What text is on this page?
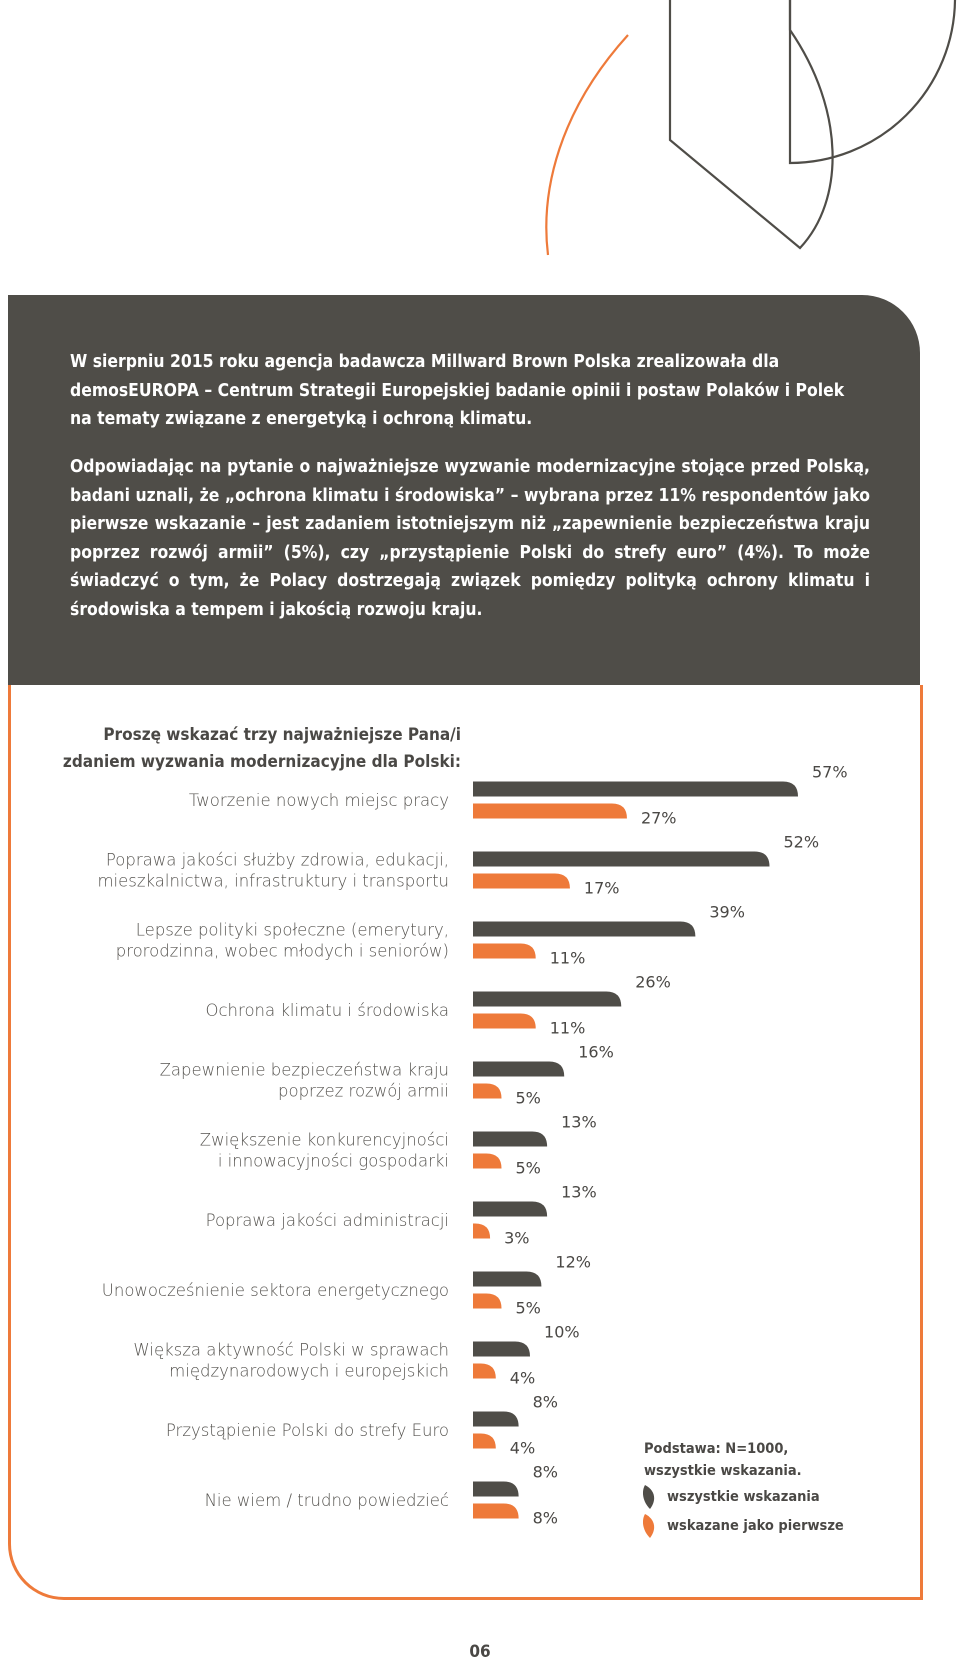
W sierpniu 2015 roku agencja badawcza Millward Brown Polska zrealizowała dla demosEUROPA – Centrum Strategii Europejskiej badanie opinii i postaw Polaków i Polek na tematy związane z energetyką i ochroną klimatu.

Odpowiadając na pytanie o najważniejsze wyzwanie modernizacyjne stojące przed Polską, badani uznali, że „ochrona klimatu i środowiska” – wybrana przez 11% respondentów jako pierwsze wskazanie – jest zadaniem istotniejszym niż „zapewnienie bezpieczeństwa kraju poprzez rozwój armii” (5%), czy „przystąpienie Polski do strefy euro” (4%). To może świadczyć o tym, że Polacy dostrzegają związek pomiędzy polityką ochrony klimatu i środowiska a tempem i jakością rozwoju kraju.

Proszę wskazać trzy najważniejsze Pana/i zdaniem wyzwania modernizacyjne dla Polski:

Tworzenie nowych miejsc pracy
57%
27%
Poprawa jakości służby zdrowia, edukacji,
mieszkalnictwa, infrastruktury i transportu
52%
17%
Lepsze polityki społeczne (emerytury,
prorodzinna, wobec młodych i seniorów)
39%
11%
Ochrona klimatu i środowiska
26%
11%
Zapewnienie bezpieczeństwa kraju
poprzez rozwój armii
16%
5%
Zwiększenie konkurencyjności
i innowacyjności gospodarki
13%
5%
Poprawa jakości administracji
13%
3%
Unowocześnienie sektora energetycznego
12%
5%
Większa aktywność Polski w sprawach
międzynarodowych i europejskich
10%
4%
Przystąpienie Polski do strefy Euro
8%
4%
Nie wiem / trudno powiedzieć
8%
8%

Podstawa: N=1000,
wszystkie wskazania.

wszystkie wskazania
wskazane jako pierwsze
06
